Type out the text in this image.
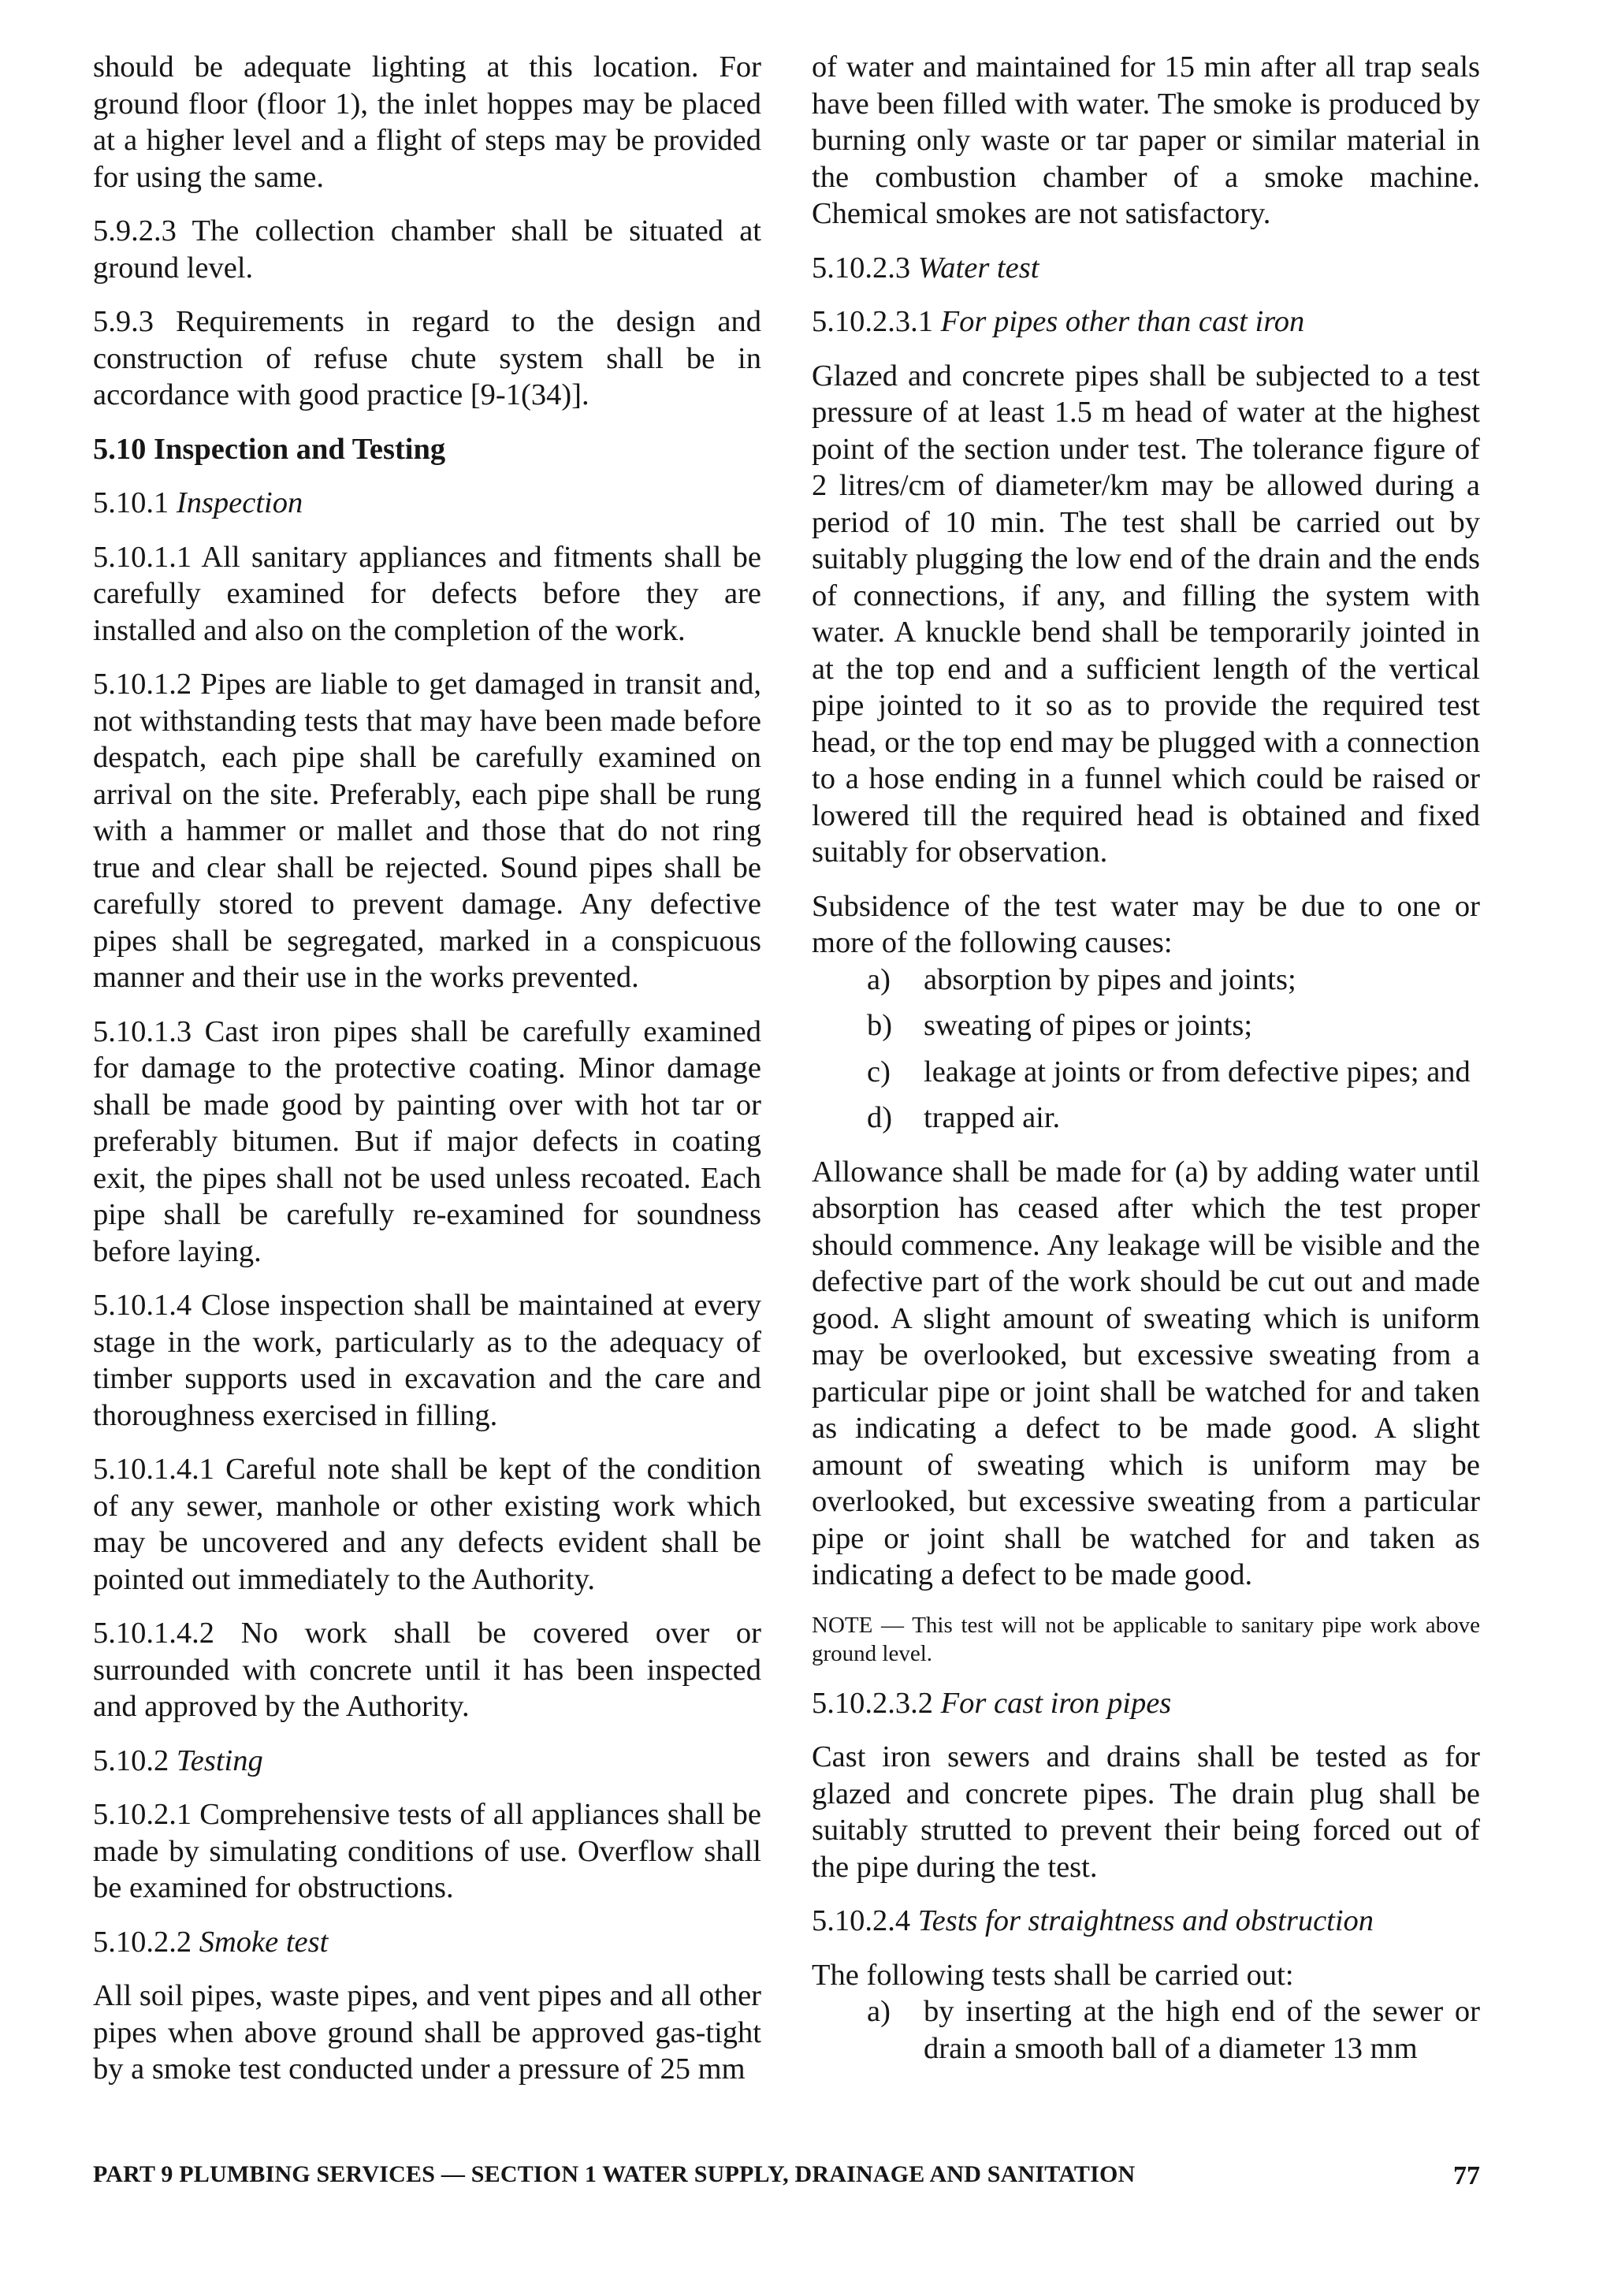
should be adequate lighting at this location. For ground floor (floor 1), the inlet hoppes may be placed at a higher level and a flight of steps may be provided for using the same.

5.9.2.3 The collection chamber shall be situated at ground level.

5.9.3 Requirements in regard to the design and construction of refuse chute system shall be in accordance with good practice [9-1(34)].

5.10 Inspection and Testing

5.10.1 Inspection

5.10.1.1 All sanitary appliances and fitments shall be carefully examined for defects before they are installed and also on the completion of the work.

5.10.1.2 Pipes are liable to get damaged in transit and, not withstanding tests that may have been made before despatch, each pipe shall be carefully examined on arrival on the site. Preferably, each pipe shall be rung with a hammer or mallet and those that do not ring true and clear shall be rejected. Sound pipes shall be carefully stored to prevent damage. Any defective pipes shall be segregated, marked in a conspicuous manner and their use in the works prevented.

5.10.1.3 Cast iron pipes shall be carefully examined for damage to the protective coating. Minor damage shall be made good by painting over with hot tar or preferably bitumen. But if major defects in coating exit, the pipes shall not be used unless recoated. Each pipe shall be carefully re-examined for soundness before laying.

5.10.1.4 Close inspection shall be maintained at every stage in the work, particularly as to the adequacy of timber supports used in excavation and the care and thoroughness exercised in filling.

5.10.1.4.1 Careful note shall be kept of the condition of any sewer, manhole or other existing work which may be uncovered and any defects evident shall be pointed out immediately to the Authority.

5.10.1.4.2 No work shall be covered over or surrounded with concrete until it has been inspected and approved by the Authority.

5.10.2 Testing

5.10.2.1 Comprehensive tests of all appliances shall be made by simulating conditions of use. Overflow shall be examined for obstructions.

5.10.2.2 Smoke test

All soil pipes, waste pipes, and vent pipes and all other pipes when above ground shall be approved gas-tight by a smoke test conducted under a pressure of 25 mm

of water and maintained for 15 min after all trap seals have been filled with water. The smoke is produced by burning only waste or tar paper or similar material in the combustion chamber of a smoke machine. Chemical smokes are not satisfactory.

5.10.2.3 Water test

5.10.2.3.1 For pipes other than cast iron

Glazed and concrete pipes shall be subjected to a test pressure of at least 1.5 m head of water at the highest point of the section under test. The tolerance figure of 2 litres/cm of diameter/km may be allowed during a period of 10 min. The test shall be carried out by suitably plugging the low end of the drain and the ends of connections, if any, and filling the system with water. A knuckle bend shall be temporarily jointed in at the top end and a sufficient length of the vertical pipe jointed to it so as to provide the required test head, or the top end may be plugged with a connection to a hose ending in a funnel which could be raised or lowered till the required head is obtained and fixed suitably for observation.

Subsidence of the test water may be due to one or more of the following causes:

a) absorption by pipes and joints;
b) sweating of pipes or joints;
c) leakage at joints or from defective pipes; and
d) trapped air.

Allowance shall be made for (a) by adding water until absorption has ceased after which the test proper should commence. Any leakage will be visible and the defective part of the work should be cut out and made good. A slight amount of sweating which is uniform may be overlooked, but excessive sweating from a particular pipe or joint shall be watched for and taken as indicating a defect to be made good. A slight amount of sweating which is uniform may be overlooked, but excessive sweating from a particular pipe or joint shall be watched for and taken as indicating a defect to be made good.

NOTE — This test will not be applicable to sanitary pipe work above ground level.

5.10.2.3.2 For cast iron pipes

Cast iron sewers and drains shall be tested as for glazed and concrete pipes. The drain plug shall be suitably strutted to prevent their being forced out of the pipe during the test.

5.10.2.4 Tests for straightness and obstruction

The following tests shall be carried out:

a) by inserting at the high end of the sewer or drain a smooth ball of a diameter 13 mm
PART 9 PLUMBING SERVICES — SECTION 1 WATER SUPPLY, DRAINAGE AND SANITATION	77
